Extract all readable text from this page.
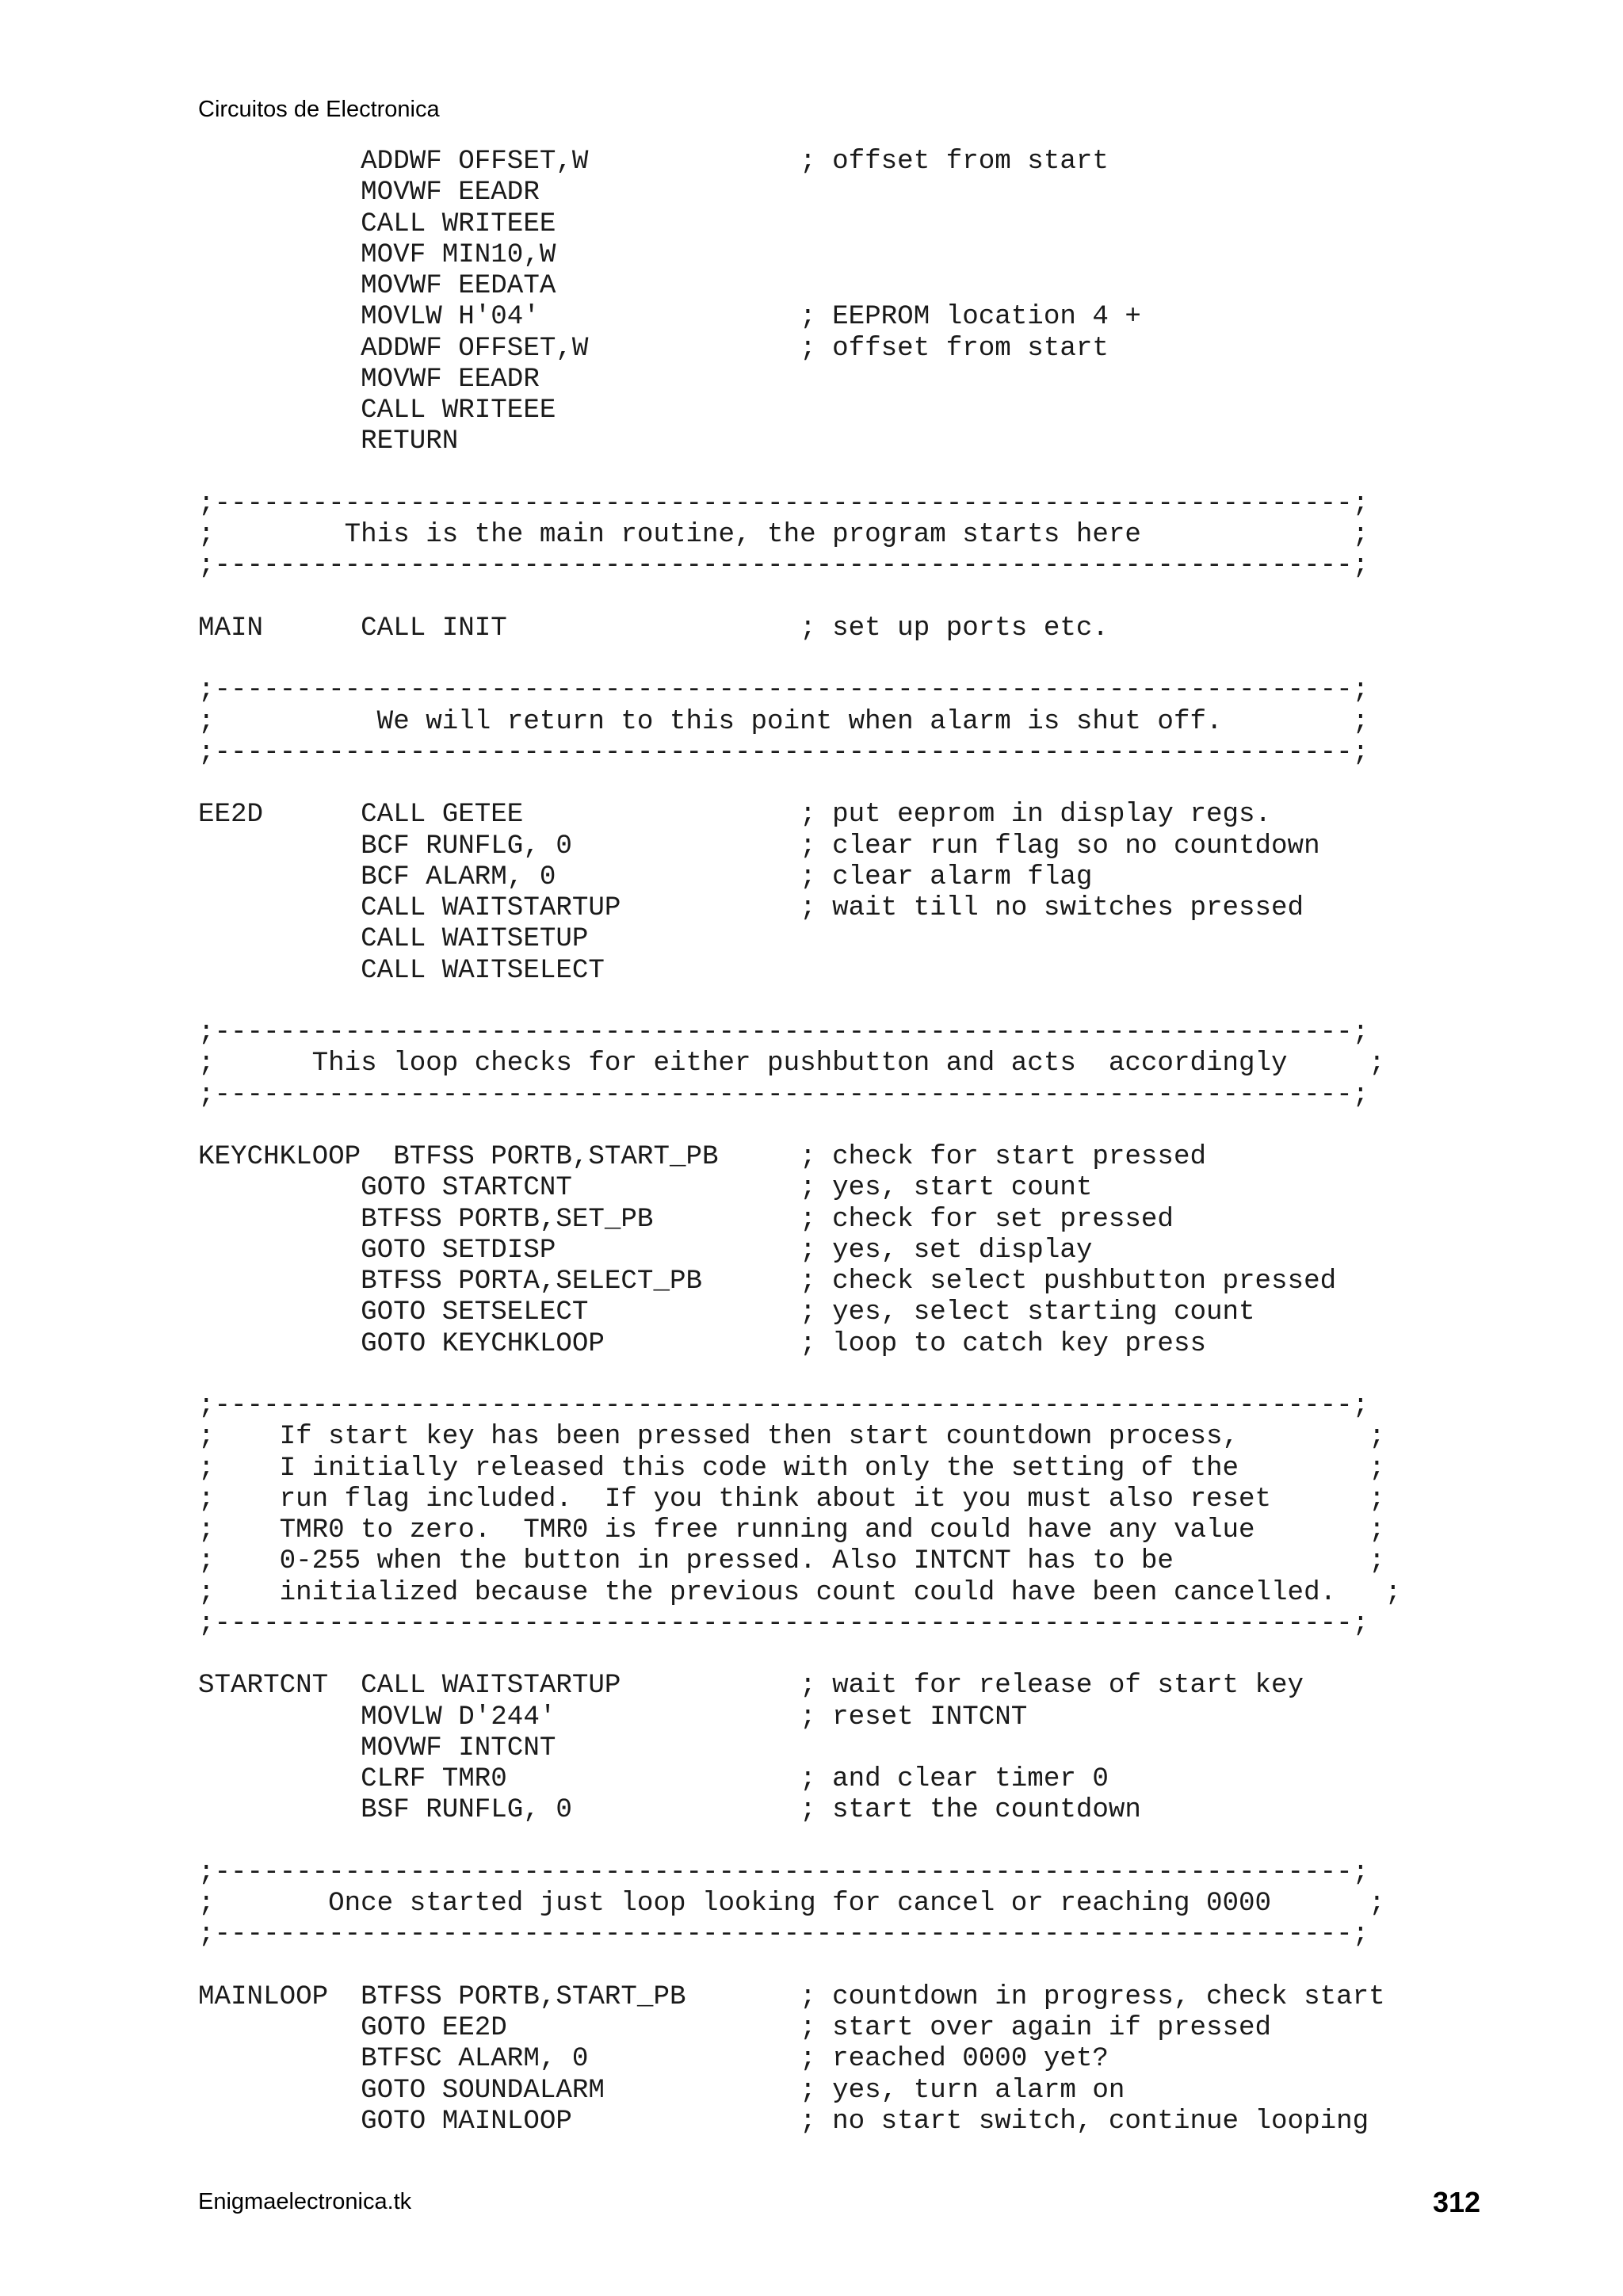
Circuitos de Electronica
ADDWF OFFSET,W             ; offset from start
MOVWF EEADR
CALL WRITEEE
MOVF MIN10,W
MOVWF EEDATA
MOVLW H'04'                ; EEPROM location 4 +
ADDWF OFFSET,W             ; offset from start
MOVWF EEADR
CALL WRITEEE
RETURN
;----------------------------------------------------------------------;
;        This is the main routine, the program starts here             ;
;----------------------------------------------------------------------;
MAIN      CALL INIT                  ; set up ports etc.
;----------------------------------------------------------------------;
;          We will return to this point when alarm is shut off.        ;
;----------------------------------------------------------------------;
EE2D      CALL GETEE                 ; put eeprom in display regs.
BCF RUNFLG, 0              ; clear run flag so no countdown
BCF ALARM, 0               ; clear alarm flag
CALL WAITSTARTUP           ; wait till no switches pressed
CALL WAITSETUP
CALL WAITSELECT
;----------------------------------------------------------------------;
;      This loop checks for either pushbutton and acts  accordingly     ;
;----------------------------------------------------------------------;
KEYCHKLOOP  BTFSS PORTB,START_PB     ; check for start pressed
GOTO STARTCNT              ; yes, start count
BTFSS PORTB,SET_PB         ; check for set pressed
GOTO SETDISP               ; yes, set display
BTFSS PORTA,SELECT_PB      ; check select pushbutton pressed
GOTO SETSELECT             ; yes, select starting count
GOTO KEYCHKLOOP            ; loop to catch key press
;----------------------------------------------------------------------;
;    If start key has been pressed then start countdown process,        ;
;    I initially released this code with only the setting of the        ;
;    run flag included.  If you think about it you must also reset      ;
;    TMR0 to zero.  TMR0 is free running and could have any value       ;
;    0-255 when the button in pressed. Also INTCNT has to be            ;
;    initialized because the previous count could have been cancelled.   ;
;----------------------------------------------------------------------;
STARTCNT  CALL WAITSTARTUP           ; wait for release of start key
MOVLW D'244'               ; reset INTCNT
MOVWF INTCNT
CLRF TMR0                  ; and clear timer 0
BSF RUNFLG, 0              ; start the countdown
;----------------------------------------------------------------------;
;       Once started just loop looking for cancel or reaching 0000      ;
;----------------------------------------------------------------------;
MAINLOOP  BTFSS PORTB,START_PB       ; countdown in progress, check start
GOTO EE2D                  ; start over again if pressed
BTFSC ALARM, 0             ; reached 0000 yet?
GOTO SOUNDALARM            ; yes, turn alarm on
GOTO MAINLOOP              ; no start switch, continue looping
Enigmaelectronica.tk	312
